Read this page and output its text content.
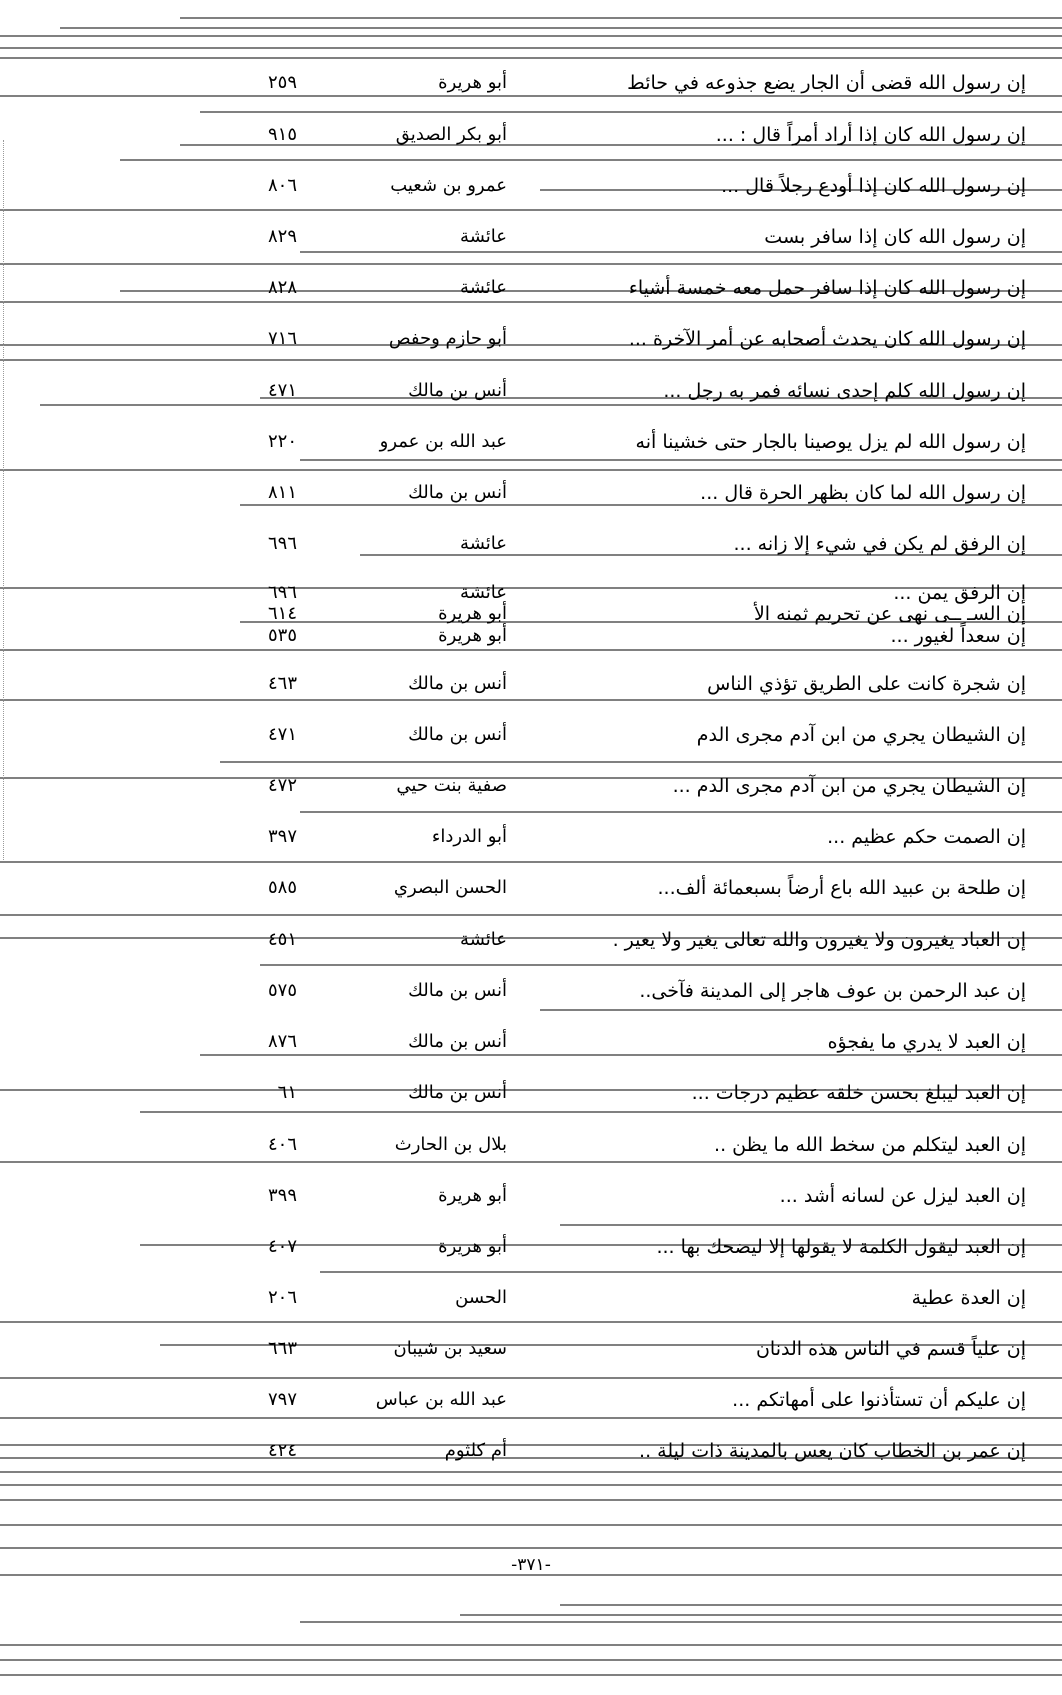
إن رسول الله قضى أن الجار يضع جذوعه في حائط
أبو هريرة
٢٥٩
إن رسول الله كان إذا أراد أمراً قال : ...
أبو بكر الصديق
٩١٥
إن رسول الله كان إذا أودع رجلاً قال ...
عمرو بن شعيب
٨٠٦
إن رسول الله كان إذا سافر بست
عائشة
٨٢٩
إن رسول الله كان إذا سافر حمل معه خمسة أشياء
عائشة
٨٢٨
إن رسول الله كان يحدث أصحابه عن أمر الآخرة ...
أبو حازم وحفص
٧١٦
إن رسول الله كلم إحدى نسائه فمر به رجل ...
أنس بن مالك
٤٧١
إن رسول الله لم يزل يوصينا بالجار حتى خشينا أنه
عبد الله بن عمرو
٢٢٠
إن رسول الله لما كان بظهر الحرة قال ...
أنس بن مالك
٨١١
إن الرفق لم يكن في شيء إلا زانه ...
عائشة
٦٩٦
إن الرفق يمن ...
عائشة
٦٩٦
إن السـ ــى نهى عن تحريم ثمنه الأ
أبو هريرة
٦١٤
إن سعداً لغيور ...
أبو هريرة
٥٣٥
إن شجرة كانت على الطريق تؤذي الناس
أنس بن مالك
٤٦٣
إن الشيطان يجري من ابن آدم مجرى الدم
أنس بن مالك
٤٧١
إن الشيطان يجري من ابن آدم مجرى الدم ...
صفية بنت حيي
٤٧٢
إن الصمت حكم عظيم ...
أبو الدرداء
٣٩٧
إن طلحة بن عبيد الله باع أرضاً بسبعمائة ألف...
الحسن البصري
٥٨٥
إن العباد يغيرون ولا يغيرون والله تعالى يغير ولا يعير .
عائشة
٤٥١
إن عبد الرحمن بن عوف هاجر إلى المدينة فآخى..
أنس بن مالك
٥٧٥
إن العبد لا يدري ما يفجؤه
أنس بن مالك
٨٧٦
إن العبد ليبلغ بحسن خلقه عظيم درجات ...
أنس بن مالك
٦١
إن العبد ليتكلم من سخط الله ما يظن ..
بلال بن الحارث
٤٠٦
إن العبد ليزل عن لسانه أشد ...
أبو هريرة
٣٩٩
إن العبد ليقول الكلمة لا يقولها إلا ليضحك بها ...
أبو هريرة
٤٠٧
إن العدة عطية
الحسن
٢٠٦
إن علياً قسم في الناس هذه الدنان
سعيد بن شيبان
٦٦٣
إن عليكم أن تستأذنوا على أمهاتكم ...
عبد الله بن عباس
٧٩٧
إن عمر بن الخطاب كان يعس بالمدينة ذات ليلة ..
أم كلثوم
٤٢٤
-٣٧١-
